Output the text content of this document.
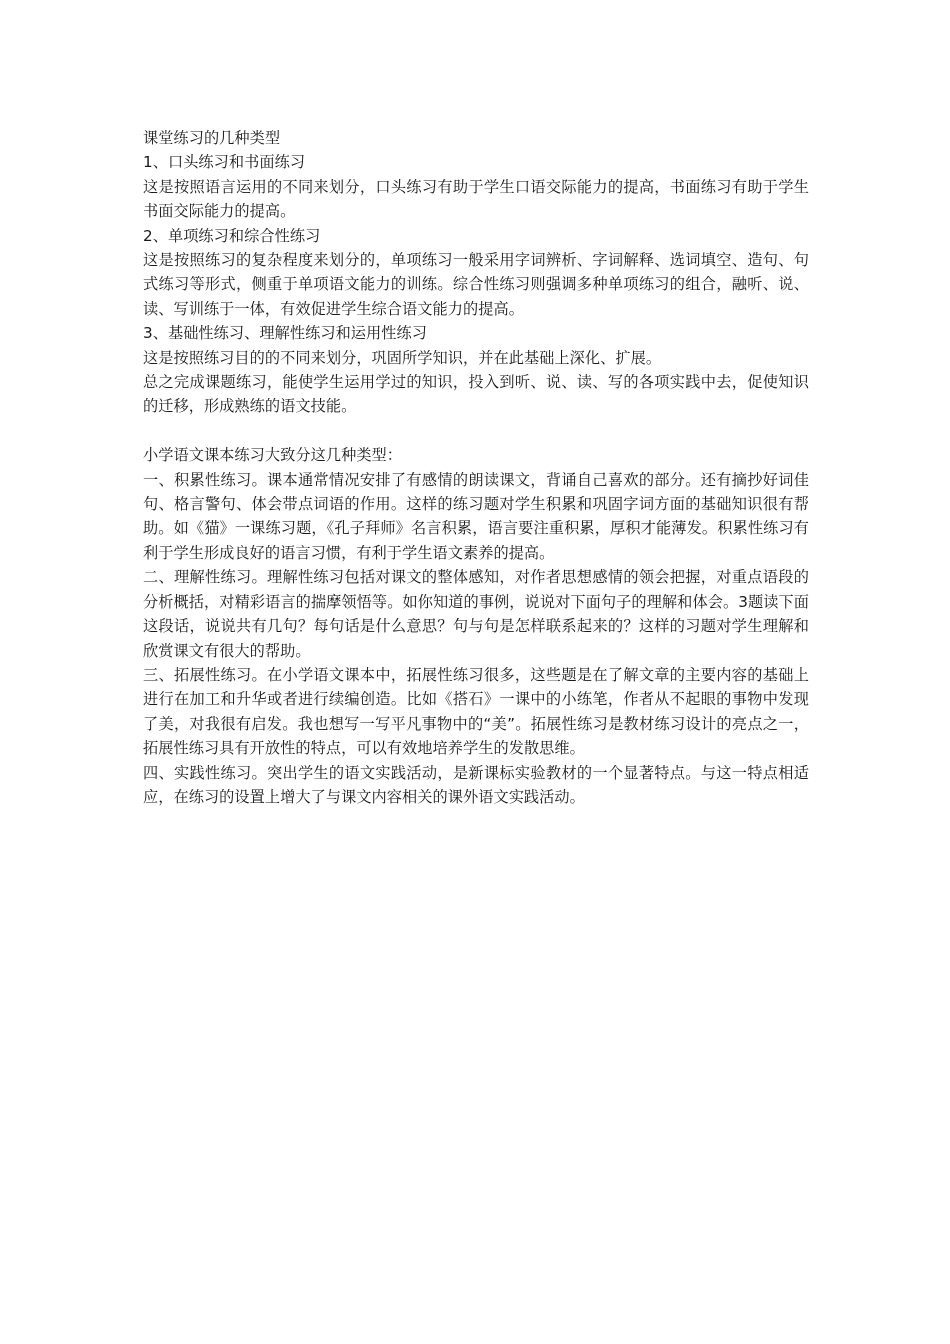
课堂练习的几种类型

1、口头练习和书面练习

这是按照语言运用的不同来划分，口头练习有助于学生口语交际能力的提高，书面练习有助于学生书面交际能力的提高。

2、单项练习和综合性练习

这是按照练习的复杂程度来划分的，单项练习一般采用字词辨析、字词解释、选词填空、造句、句式练习等形式，侧重于单项语文能力的训练。综合性练习则强调多种单项练习的组合，融听、说、读、写训练于一体，有效促进学生综合语文能力的提高。

3、基础性练习、理解性练习和运用性练习

这是按照练习目的的不同来划分，巩固所学知识，并在此基础上深化、扩展。

总之完成课题练习，能使学生运用学过的知识，投入到听、说、读、写的各项实践中去，促使知识的迁移，形成熟练的语文技能。

小学语文课本练习大致分这几种类型：

一、积累性练习。课本通常情况安排了有感情的朗读课文，背诵自己喜欢的部分。还有摘抄好词佳句、格言警句、体会带点词语的作用。这样的练习题对学生积累和巩固字词方面的基础知识很有帮助。如《猫》一课练习题，《孔子拜师》名言积累，语言要注重积累，厚积才能薄发。积累性练习有利于学生形成良好的语言习惯，有利于学生语文素养的提高。

二、理解性练习。理解性练习包括对课文的整体感知，对作者思想感情的领会把握，对重点语段的分析概括，对精彩语言的揣摩领悟等。如你知道的事例，说说对下面句子的理解和体会。3题读下面这段话，说说共有几句？每句话是什么意思？句与句是怎样联系起来的？这样的习题对学生理解和欣赏课文有很大的帮助。

三、拓展性练习。在小学语文课本中，拓展性练习很多，这些题是在了解文章的主要内容的基础上进行在加工和升华或者进行续编创造。比如《搭石》一课中的小练笔，作者从不起眼的事物中发现了美，对我很有启发。我也想写一写平凡事物中的“美”。拓展性练习是教材练习设计的亮点之一，拓展性练习具有开放性的特点，可以有效地培养学生的发散思维。

四、实践性练习。突出学生的语文实践活动，是新课标实验教材的一个显著特点。与这一特点相适应，在练习的设置上增大了与课文内容相关的课外语文实践活动。
